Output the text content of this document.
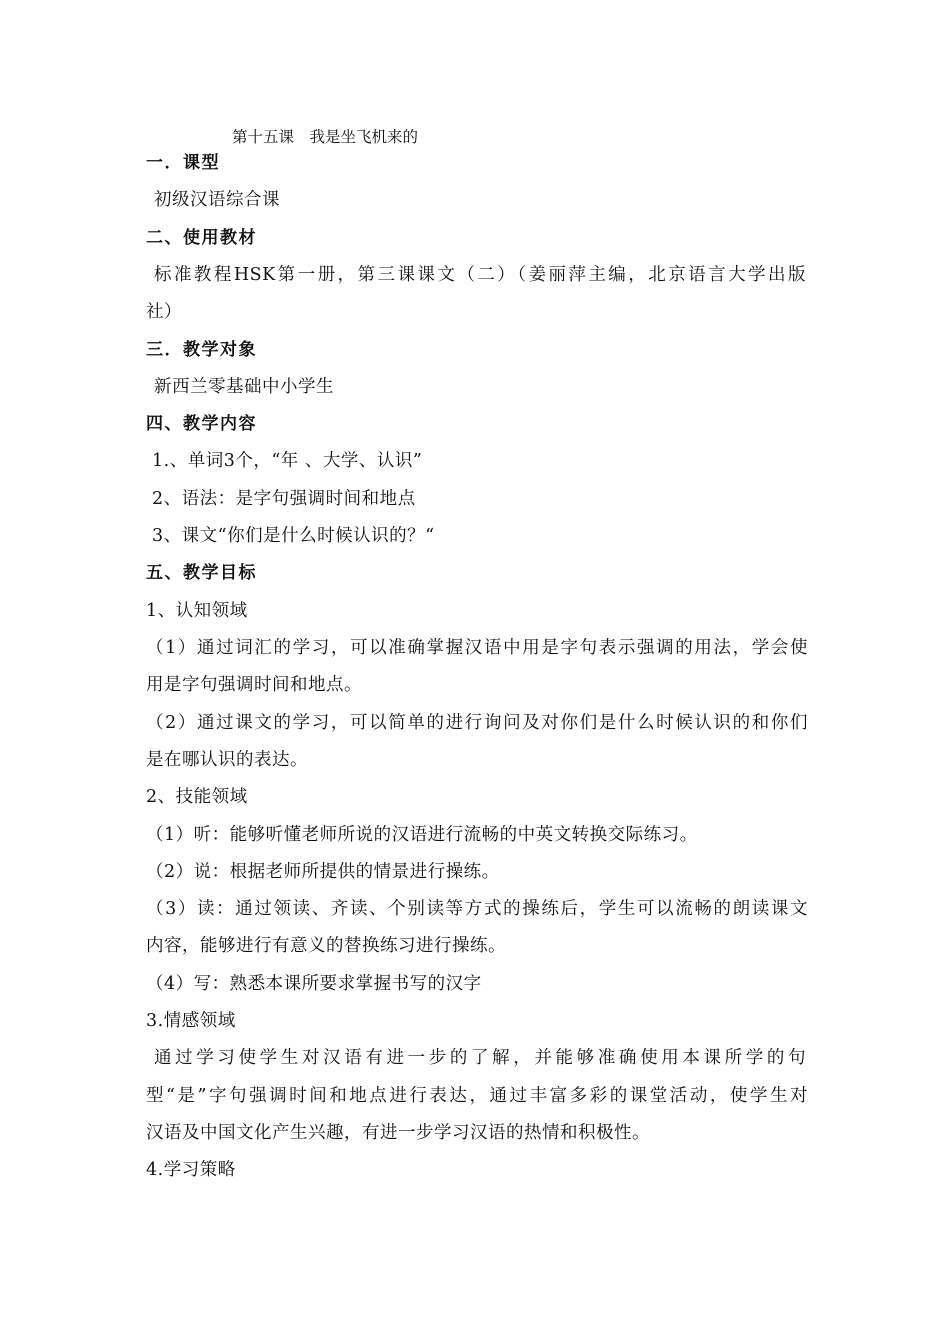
第十五课　我是坐飞机来的
一．课型
初级汉语综合课
二、使用教材
标准教程HSK第一册，第三课课文（二）（姜丽萍主编，北京语言大学出版
社）
三．教学对象
新西兰零基础中小学生
四、教学内容
1.、单词3个，“年 、大学、认识”
2、语法：是字句强调时间和地点
3、课文“你们是什么时候认识的？“
五、教学目标
1、认知领域
（1）通过词汇的学习，可以准确掌握汉语中用是字句表示强调的用法，学会使
用是字句强调时间和地点。
（2）通过课文的学习，可以简单的进行询问及对你们是什么时候认识的和你们
是在哪认识的表达。
2、技能领域
（1）听：能够听懂老师所说的汉语进行流畅的中英文转换交际练习。
（2）说：根据老师所提供的情景进行操练。
（3）读：通过领读、齐读、个别读等方式的操练后，学生可以流畅的朗读课文
内容，能够进行有意义的替换练习进行操练。
（4）写：熟悉本课所要求掌握书写的汉字
3.情感领域
通过学习使学生对汉语有进一步的了解，并能够准确使用本课所学的句
型“是”字句强调时间和地点进行表达，通过丰富多彩的课堂活动，使学生对
汉语及中国文化产生兴趣，有进一步学习汉语的热情和积极性。
4.学习策略
